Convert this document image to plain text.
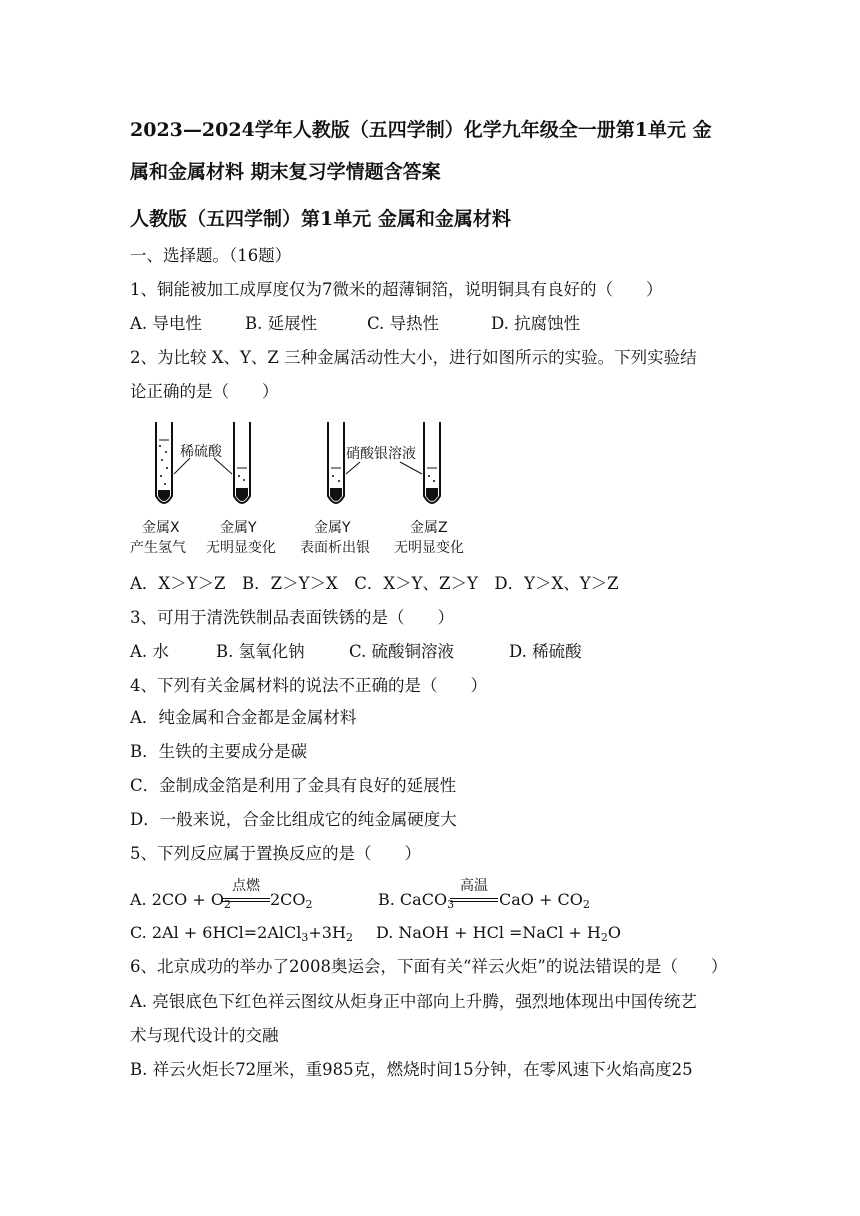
2023—2024学年人教版（五四学制）化学九年级全一册第1单元 金
属和金属材料 期末复习学情题含答案
人教版（五四学制）第1单元 金属和金属材料
一、选择题。（16题）
1、铜能被加工成厚度仅为7微米的超薄铜箔，说明铜具有良好的（　　）
A. 导电性	B. 延展性	C. 导热性	D. 抗腐蚀性
2、为比较 X、Y、Z 三种金属活动性大小，进行如图所示的实验。下列实验结
论正确的是（　　）
稀硫酸	硝酸银溶液
金属X
产生氢气
金属Y
无明显变化
金属Y
表面析出银
金属Z
无明显变化
A．X＞Y＞Z　B．Z＞Y＞X　C．X＞Y、Z＞Y　D．Y＞X、Y＞Z
3、可用于清洗铁制品表面铁锈的是（　　）
A. 水	B. 氢氧化钠	C. 硫酸铜溶液	D. 稀硫酸
4、下列有关金属材料的说法不正确的是（　　）
A．纯金属和合金都是金属材料
B．生铁的主要成分是碳
C．金制成金箔是利用了金具有良好的延展性
D．一般来说，合金比组成它的纯金属硬度大
5、下列反应属于置换反应的是（　　）
A. $2CO + O_2$
点燃
$2CO_2$	B. CaCO$_3$
高温
CaO + $CO_2$
C. $2Al + 6HCl=2AlCl_3+3H_2$ D. NaOH + HCl =NaCl + $H_2O$
6、北京成功的举办了2008奥运会，下面有关“祥云火炬”的说法错误的是（　　）
A. 亮银底色下红色祥云图纹从炬身正中部向上升腾，强烈地体现出中国传统艺
术与现代设计的交融
B. 祥云火炬长72厘米，重985克，燃烧时间15分钟，在零风速下火焰高度25
